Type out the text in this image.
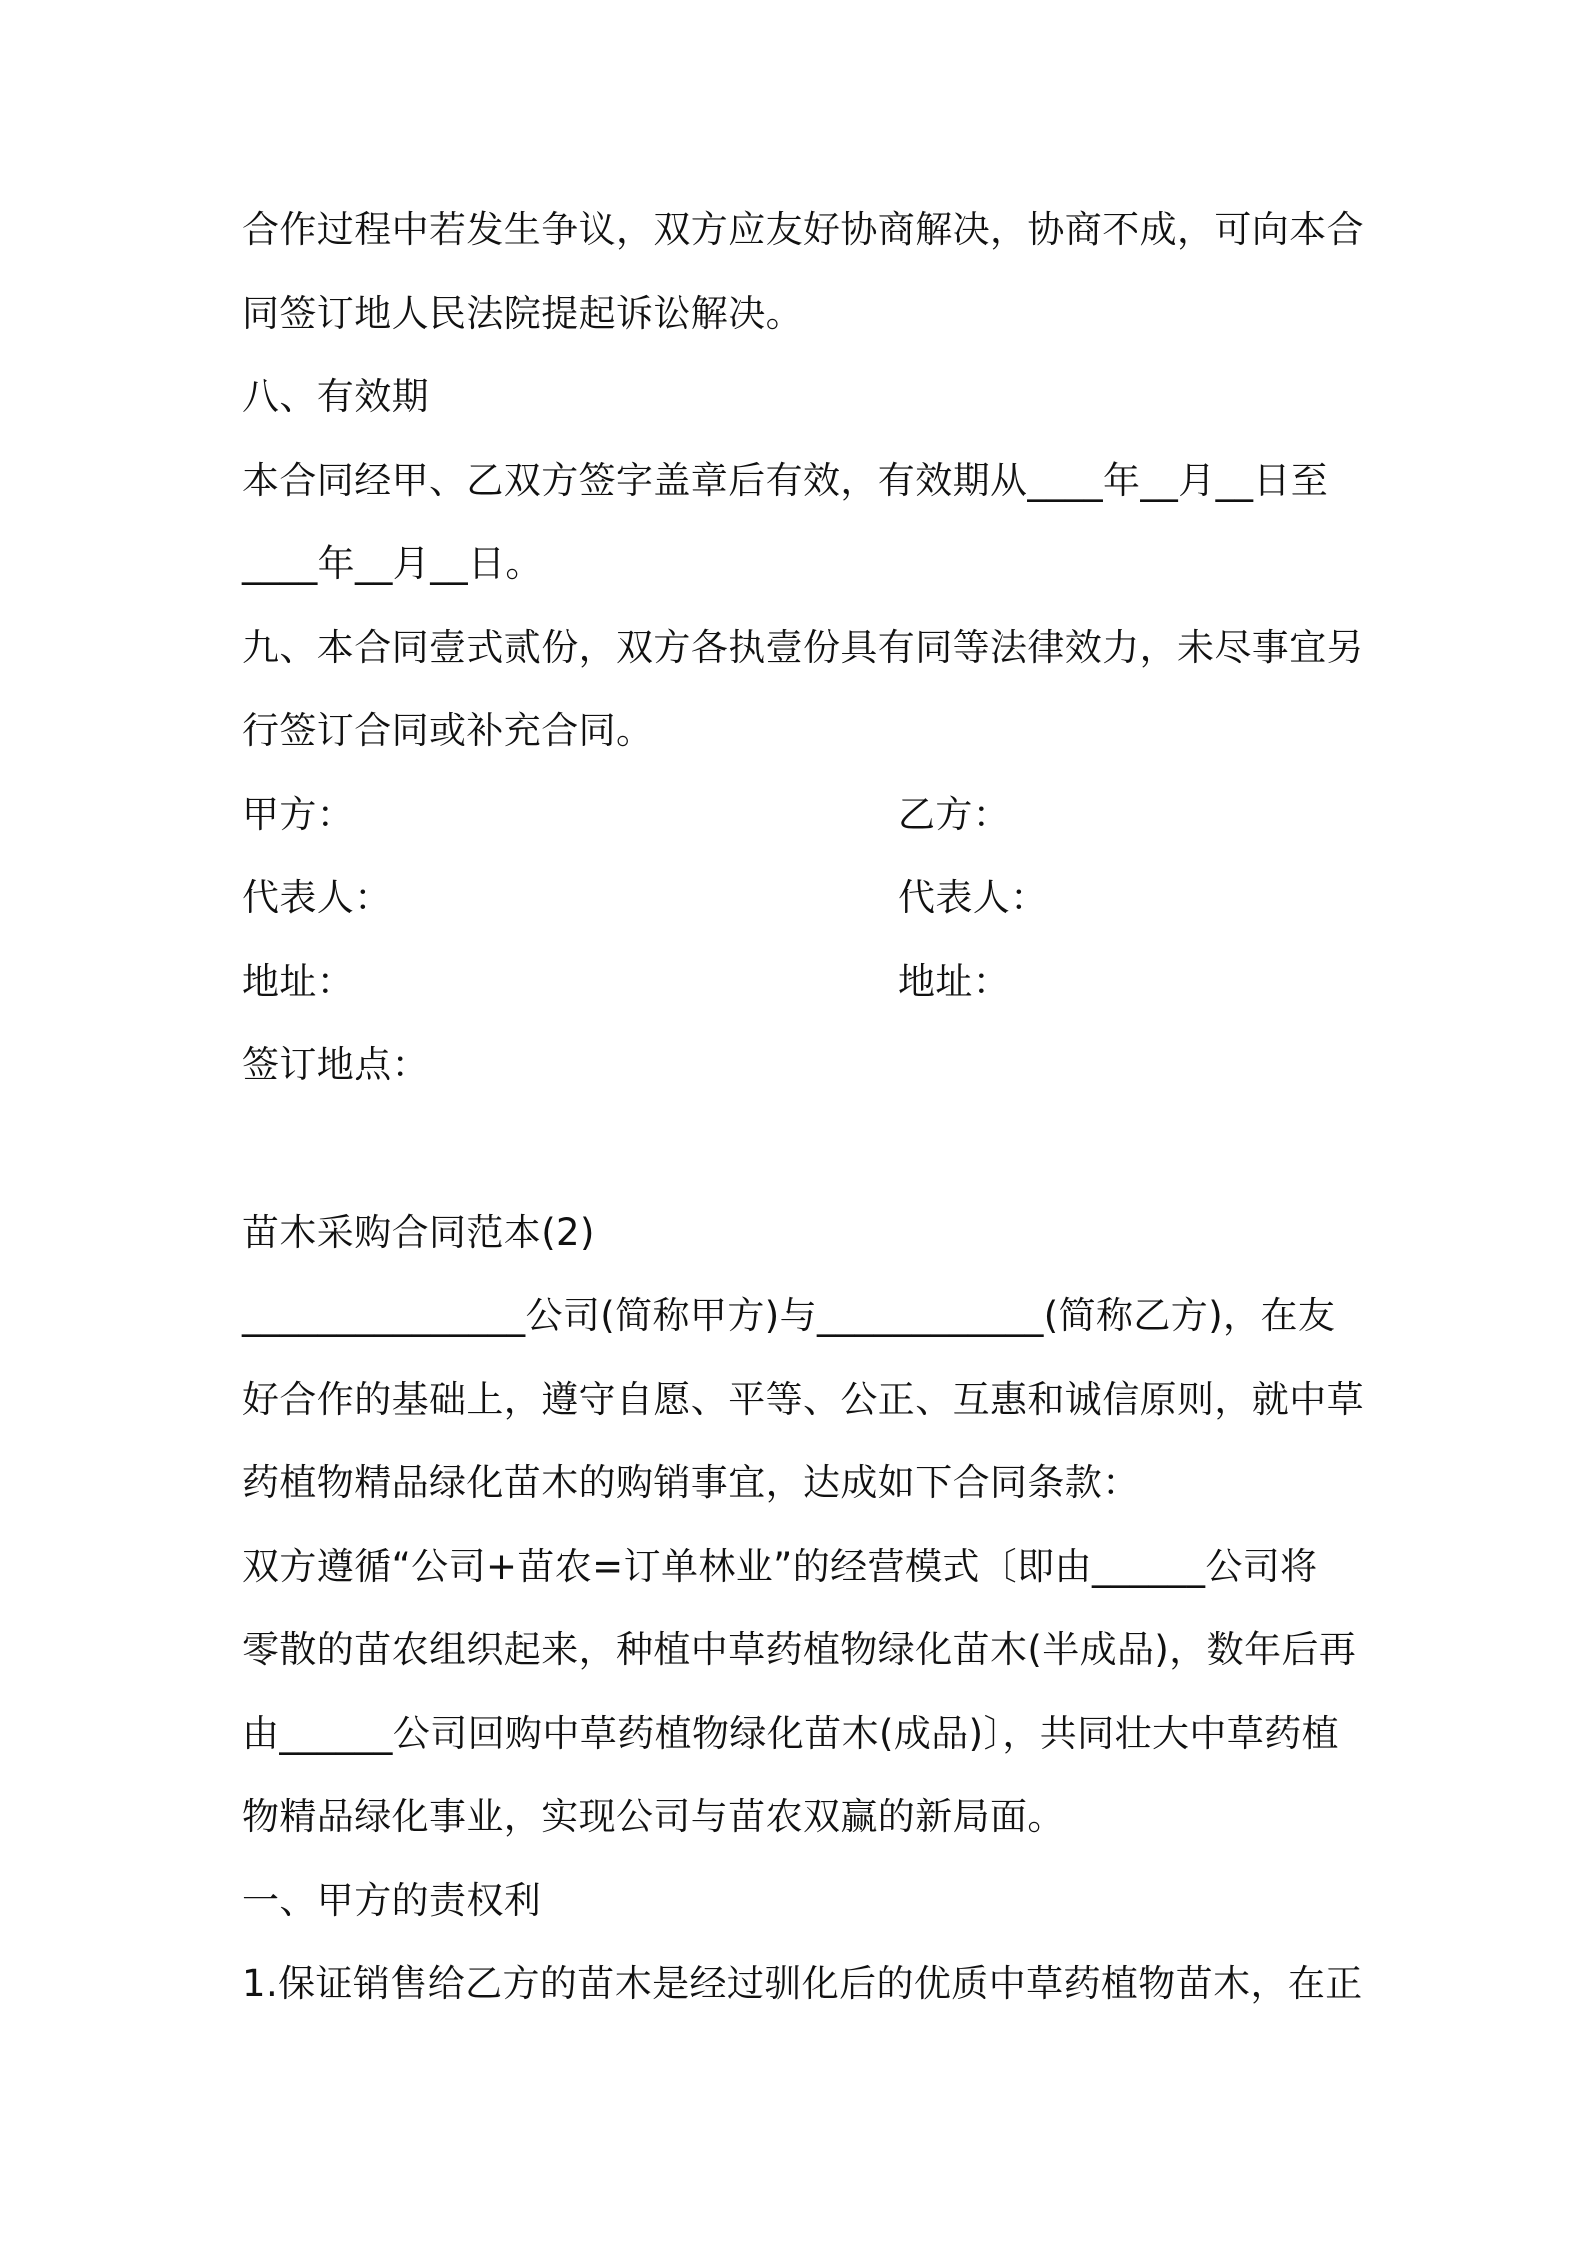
合作过程中若发生争议，双方应友好协商解决，协商不成，可向本合
同签订地人民法院提起诉讼解决。
八、有效期
本合同经甲、乙双方签字盖章后有效，有效期从____年__月__日至
____年__月__日。
九、本合同壹式贰份，双方各执壹份具有同等法律效力，未尽事宜另
行签订合同或补充合同。
甲方：	乙方：
代表人：	代表人：
地址：	地址：
签订地点：
苗木采购合同范本(2)
_______________公司(简称甲方)与____________(简称乙方)，在友
好合作的基础上，遵守自愿、平等、公正、互惠和诚信原则，就中草
药植物精品绿化苗木的购销事宜，达成如下合同条款：
双方遵循“公司+苗农=订单林业”的经营模式〔即由______公司将
零散的苗农组织起来，种植中草药植物绿化苗木(半成品)，数年后再
由______公司回购中草药植物绿化苗木(成品)〕，共同壮大中草药植
物精品绿化事业，实现公司与苗农双赢的新局面。
一、甲方的责权利
1.保证销售给乙方的苗木是经过驯化后的优质中草药植物苗木，在正
